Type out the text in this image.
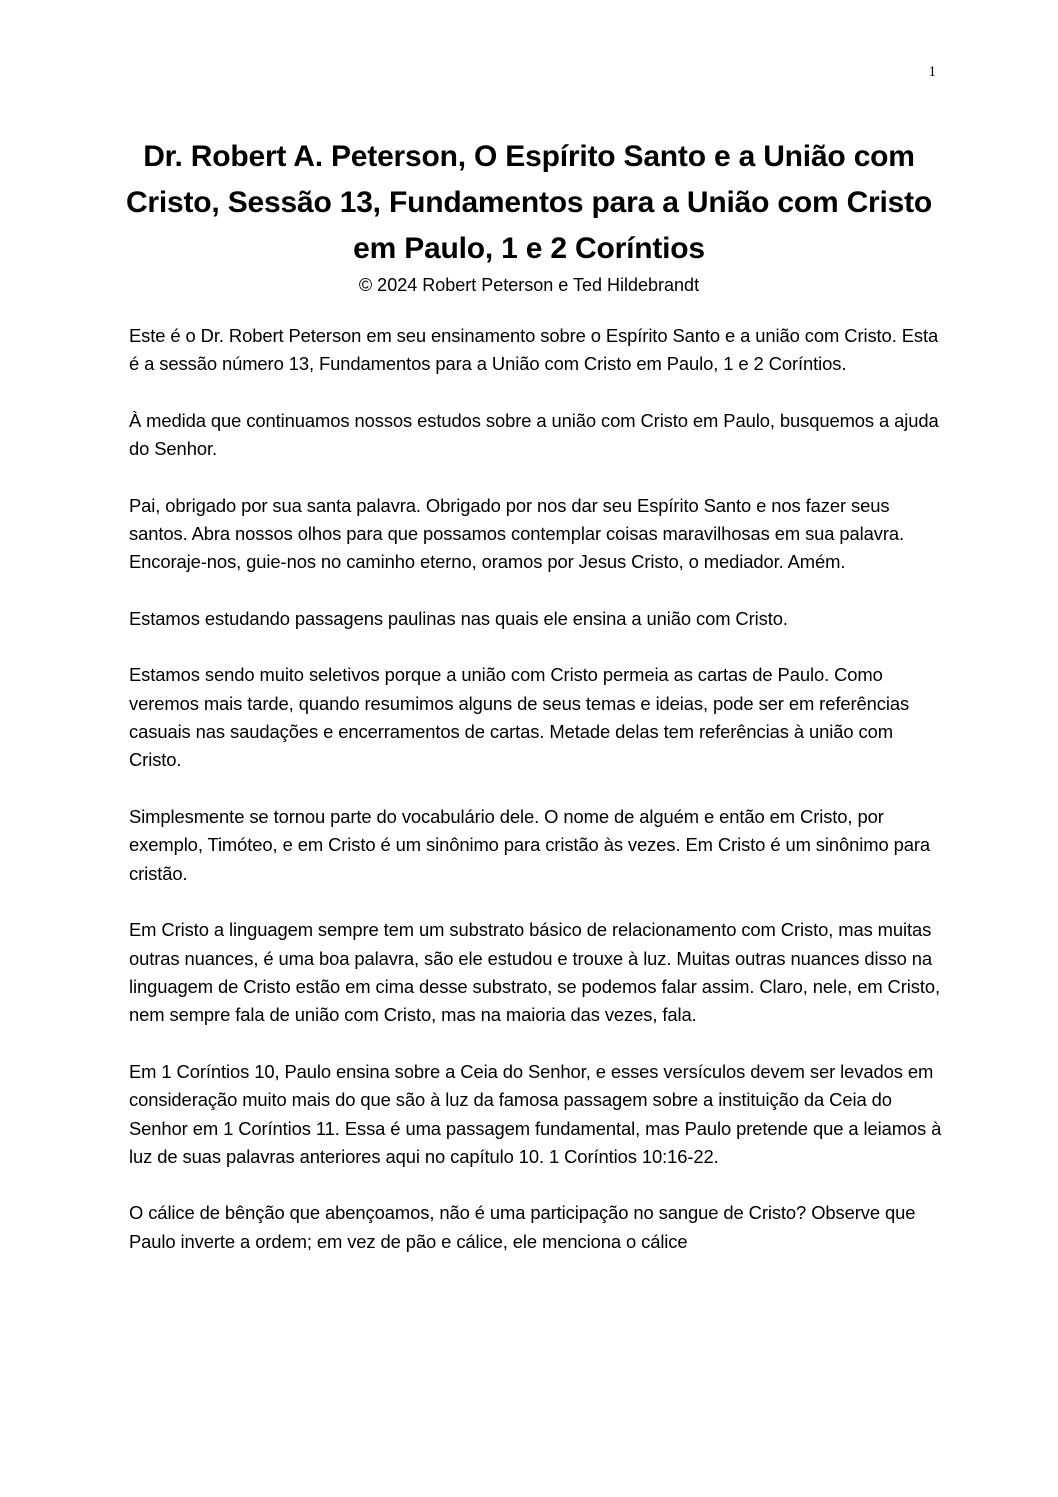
1
Dr. Robert A. Peterson, O Espírito Santo e a União com Cristo, Sessão 13, Fundamentos para a União com Cristo em Paulo, 1 e 2 Coríntios

© 2024 Robert Peterson e Ted Hildebrandt

Este é o Dr. Robert Peterson em seu ensinamento sobre o Espírito Santo e a união com Cristo. Esta é a sessão número 13, Fundamentos para a União com Cristo em Paulo, 1 e 2 Coríntios.

À medida que continuamos nossos estudos sobre a união com Cristo em Paulo, busquemos a ajuda do Senhor.

Pai, obrigado por sua santa palavra. Obrigado por nos dar seu Espírito Santo e nos fazer seus santos. Abra nossos olhos para que possamos contemplar coisas maravilhosas em sua palavra. Encoraje-nos, guie-nos no caminho eterno, oramos por Jesus Cristo, o mediador. Amém.

Estamos estudando passagens paulinas nas quais ele ensina a união com Cristo.

Estamos sendo muito seletivos porque a união com Cristo permeia as cartas de Paulo. Como veremos mais tarde, quando resumimos alguns de seus temas e ideias, pode ser em referências casuais nas saudações e encerramentos de cartas. Metade delas tem referências à união com Cristo.

Simplesmente se tornou parte do vocabulário dele. O nome de alguém e então em Cristo, por exemplo, Timóteo, e em Cristo é um sinônimo para cristão às vezes. Em Cristo é um sinônimo para cristão.

Em Cristo a linguagem sempre tem um substrato básico de relacionamento com Cristo, mas muitas outras nuances, é uma boa palavra, são ele estudou e trouxe à luz. Muitas outras nuances disso na linguagem de Cristo estão em cima desse substrato, se podemos falar assim. Claro, nele, em Cristo, nem sempre fala de união com Cristo, mas na maioria das vezes, fala.

Em 1 Coríntios 10, Paulo ensina sobre a Ceia do Senhor, e esses versículos devem ser levados em consideração muito mais do que são à luz da famosa passagem sobre a instituição da Ceia do Senhor em 1 Coríntios 11. Essa é uma passagem fundamental, mas Paulo pretende que a leiamos à luz de suas palavras anteriores aqui no capítulo 10. 1 Coríntios 10:16-22.

O cálice de bênção que abençoamos, não é uma participação no sangue de Cristo? Observe que Paulo inverte a ordem; em vez de pão e cálice, ele menciona o cálice
